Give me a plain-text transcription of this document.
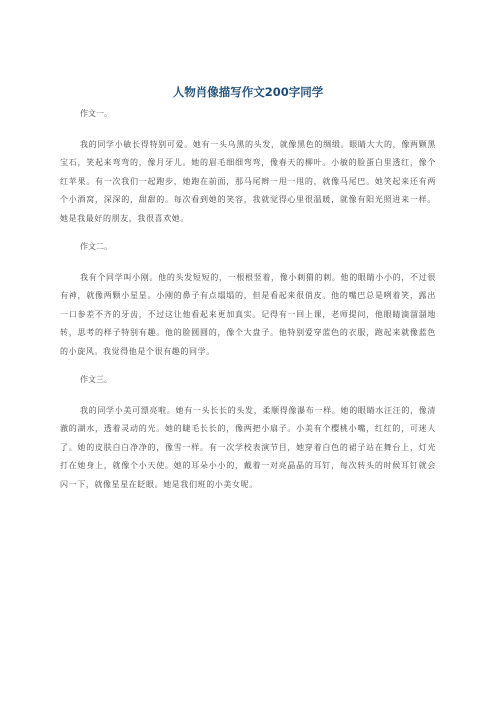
人物肖像描写作文200字同学
作文一。

我的同学小敏长得特别可爱。她有一头乌黑的头发，就像黑色的绸缎。眼睛大大的，像两颗黑宝石，笑起来弯弯的，像月牙儿。她的眉毛细细弯弯，像春天的柳叶。小敏的脸蛋白里透红，像个红苹果。有一次我们一起跑步，她跑在前面，那马尾辫一甩一甩的，就像马尾巴。她笑起来还有两个小酒窝，深深的，甜甜的。每次看到她的笑容，我就觉得心里很温暖，就像有阳光照进来一样。她是我最好的朋友，我很喜欢她。

作文二。

我有个同学叫小刚。他的头发短短的，一根根竖着，像小刺猬的刺。他的眼睛小小的，不过很有神，就像两颗小星星。小刚的鼻子有点塌塌的，但是看起来很俏皮。他的嘴巴总是咧着笑，露出一口参差不齐的牙齿，不过这让他看起来更加真实。记得有一回上课，老师提问，他眼睛滴溜溜地转，思考的样子特别有趣。他的脸圆圆的，像个大盘子。他特别爱穿蓝色的衣服，跑起来就像蓝色的小旋风。我觉得他是个很有趣的同学。

作文三。

我的同学小美可漂亮啦。她有一头长长的头发，柔顺得像瀑布一样。她的眼睛水汪汪的，像清澈的湖水，透着灵动的光。她的睫毛长长的，像两把小扇子。小美有个樱桃小嘴，红红的，可迷人了。她的皮肤白白净净的，像雪一样。有一次学校表演节目，她穿着白色的裙子站在舞台上，灯光打在她身上，就像个小天使。她的耳朵小小的，戴着一对亮晶晶的耳钉，每次转头的时候耳钉就会闪一下，就像星星在眨眼。她是我们班的小美女呢。
